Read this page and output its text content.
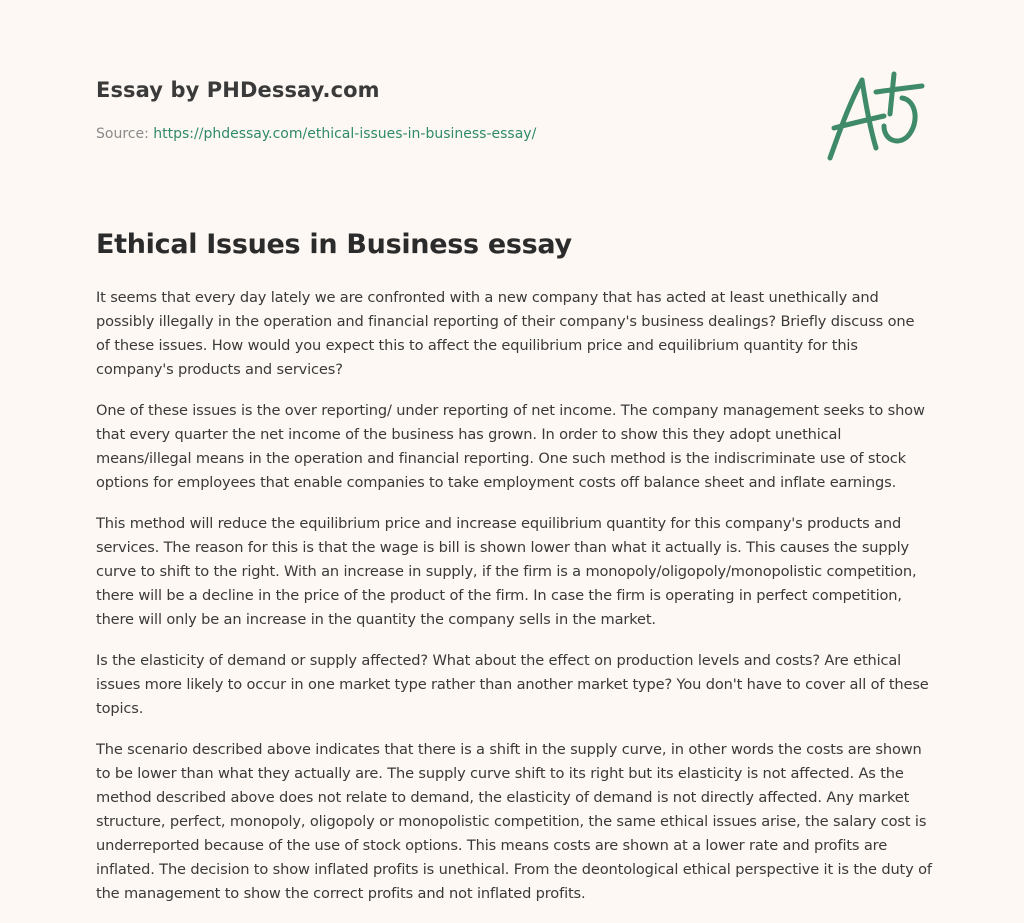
Essay by PHDessay.com
Source: https://phdessay.com/ethical-issues-in-business-essay/
Ethical Issues in Business essay

It seems that every day lately we are confronted with a new company that has acted at least unethically and possibly illegally in the operation and financial reporting of their company's business dealings? Briefly discuss one of these issues. How would you expect this to affect the equilibrium price and equilibrium quantity for this company's products and services?

One of these issues is the over reporting/ under reporting of net income. The company management seeks to show that every quarter the net income of the business has grown. In order to show this they adopt unethical means/illegal means in the operation and financial reporting. One such method is the indiscriminate use of stock options for employees that enable companies to take employment costs off balance sheet and inflate earnings.

This method will reduce the equilibrium price and increase equilibrium quantity for this company's products and services. The reason for this is that the wage is bill is shown lower than what it actually is. This causes the supply curve to shift to the right. With an increase in supply, if the firm is a monopoly/oligopoly/monopolistic competition, there will be a decline in the price of the product of the firm. In case the firm is operating in perfect competition, there will only be an increase in the quantity the company sells in the market.

Is the elasticity of demand or supply affected? What about the effect on production levels and costs? Are ethical issues more likely to occur in one market type rather than another market type? You don't have to cover all of these topics.

The scenario described above indicates that there is a shift in the supply curve, in other words the costs are shown to be lower than what they actually are. The supply curve shift to its right but its elasticity is not affected. As the method described above does not relate to demand, the elasticity of demand is not directly affected. Any market structure, perfect, monopoly, oligopoly or monopolistic competition, the same ethical issues arise, the salary cost is underreported because of the use of stock options. This means costs are shown at a lower rate and profits are inflated. The decision to show inflated profits is unethical. From the deontological ethical perspective it is the duty of the management to show the correct profits and not inflated profits.
